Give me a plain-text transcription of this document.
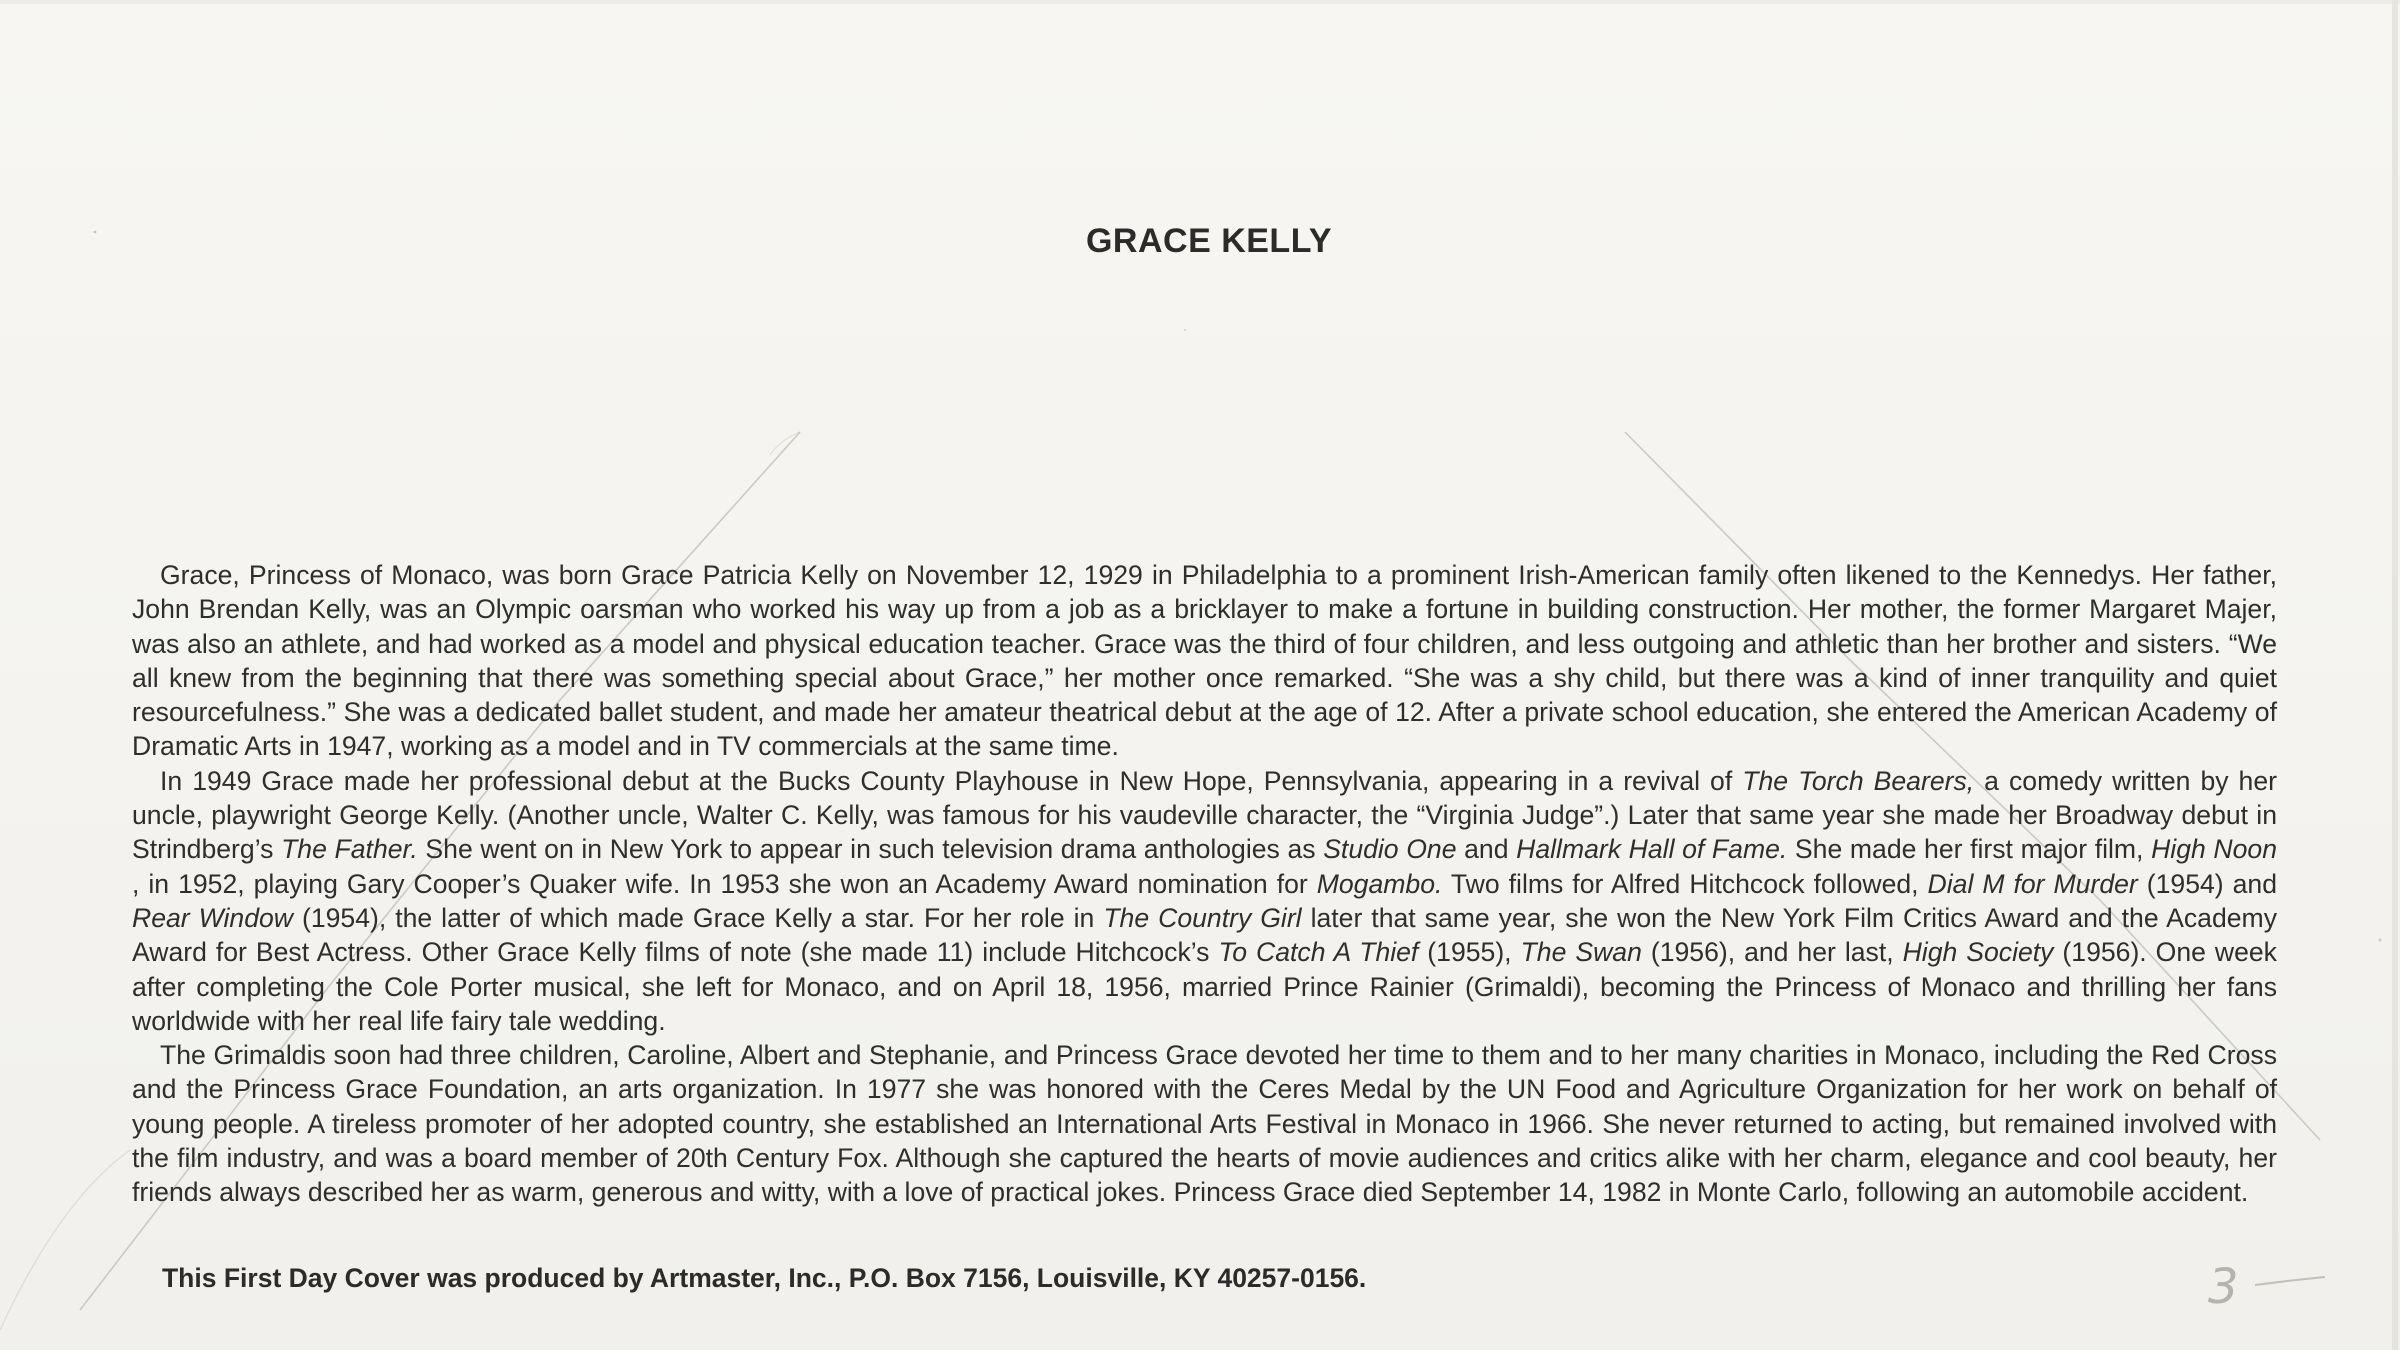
GRACE KELLY

Grace, Princess of Monaco, was born Grace Patricia Kelly on November 12, 1929 in Philadelphia to a prominent Irish-American family often likened to the Kennedys. Her father, John Brendan Kelly, was an Olympic oarsman who worked his way up from a job as a bricklayer to make a fortune in building construction. Her mother, the former Margaret Majer, was also an athlete, and had worked as a model and physical education teacher. Grace was the third of four children, and less outgoing and athletic than her brother and sisters. “We all knew from the beginning that there was something special about Grace,” her mother once remarked. “She was a shy child, but there was a kind of inner tranquility and quiet resourcefulness.” She was a dedicated ballet student, and made her amateur theatrical debut at the age of 12. After a private school education, she entered the American Academy of Dramatic Arts in 1947, working as a model and in TV commercials at the same time.

In 1949 Grace made her professional debut at the Bucks County Playhouse in New Hope, Pennsylvania, appearing in a revival of The Torch Bearers, a comedy written by her uncle, playwright George Kelly. (Another uncle, Walter C. Kelly, was famous for his vaudeville character, the “Virginia Judge”.) Later that same year she made her Broadway debut in Strindberg’s The Father. She went on in New York to appear in such television drama anthologies as Studio One and Hallmark Hall of Fame. She made her first major film, High Noon , in 1952, playing Gary Cooper’s Quaker wife. In 1953 she won an Academy Award nomination for Mogambo. Two films for Alfred Hitchcock followed, Dial M for Murder (1954) and Rear Window (1954), the latter of which made Grace Kelly a star. For her role in The Country Girl later that same year, she won the New York Film Critics Award and the Academy Award for Best Actress. Other Grace Kelly films of note (she made 11) include Hitchcock’s To Catch A Thief (1955), The Swan (1956), and her last, High Society (1956). One week after completing the Cole Porter musical, she left for Monaco, and on April 18, 1956, married Prince Rainier (Grimaldi), becoming the Princess of Monaco and thrilling her fans worldwide with her real life fairy tale wedding.

The Grimaldis soon had three children, Caroline, Albert and Stephanie, and Princess Grace devoted her time to them and to her many charities in Monaco, including the Red Cross and the Princess Grace Foundation, an arts organization. In 1977 she was honored with the Ceres Medal by the UN Food and Agriculture Organization for her work on behalf of young people. A tireless promoter of her adopted country, she established an International Arts Festival in Monaco in 1966. She never returned to acting, but remained involved with the film industry, and was a board member of 20th Century Fox. Although she captured the hearts of movie audiences and critics alike with her charm, elegance and cool beauty, her friends always described her as warm, generous and witty, with a love of practical jokes. Princess Grace died September 14, 1982 in Monte Carlo, following an automobile accident.

This First Day Cover was produced by Artmaster, Inc., P.O. Box 7156, Louisville, KY 40257-0156.	3
